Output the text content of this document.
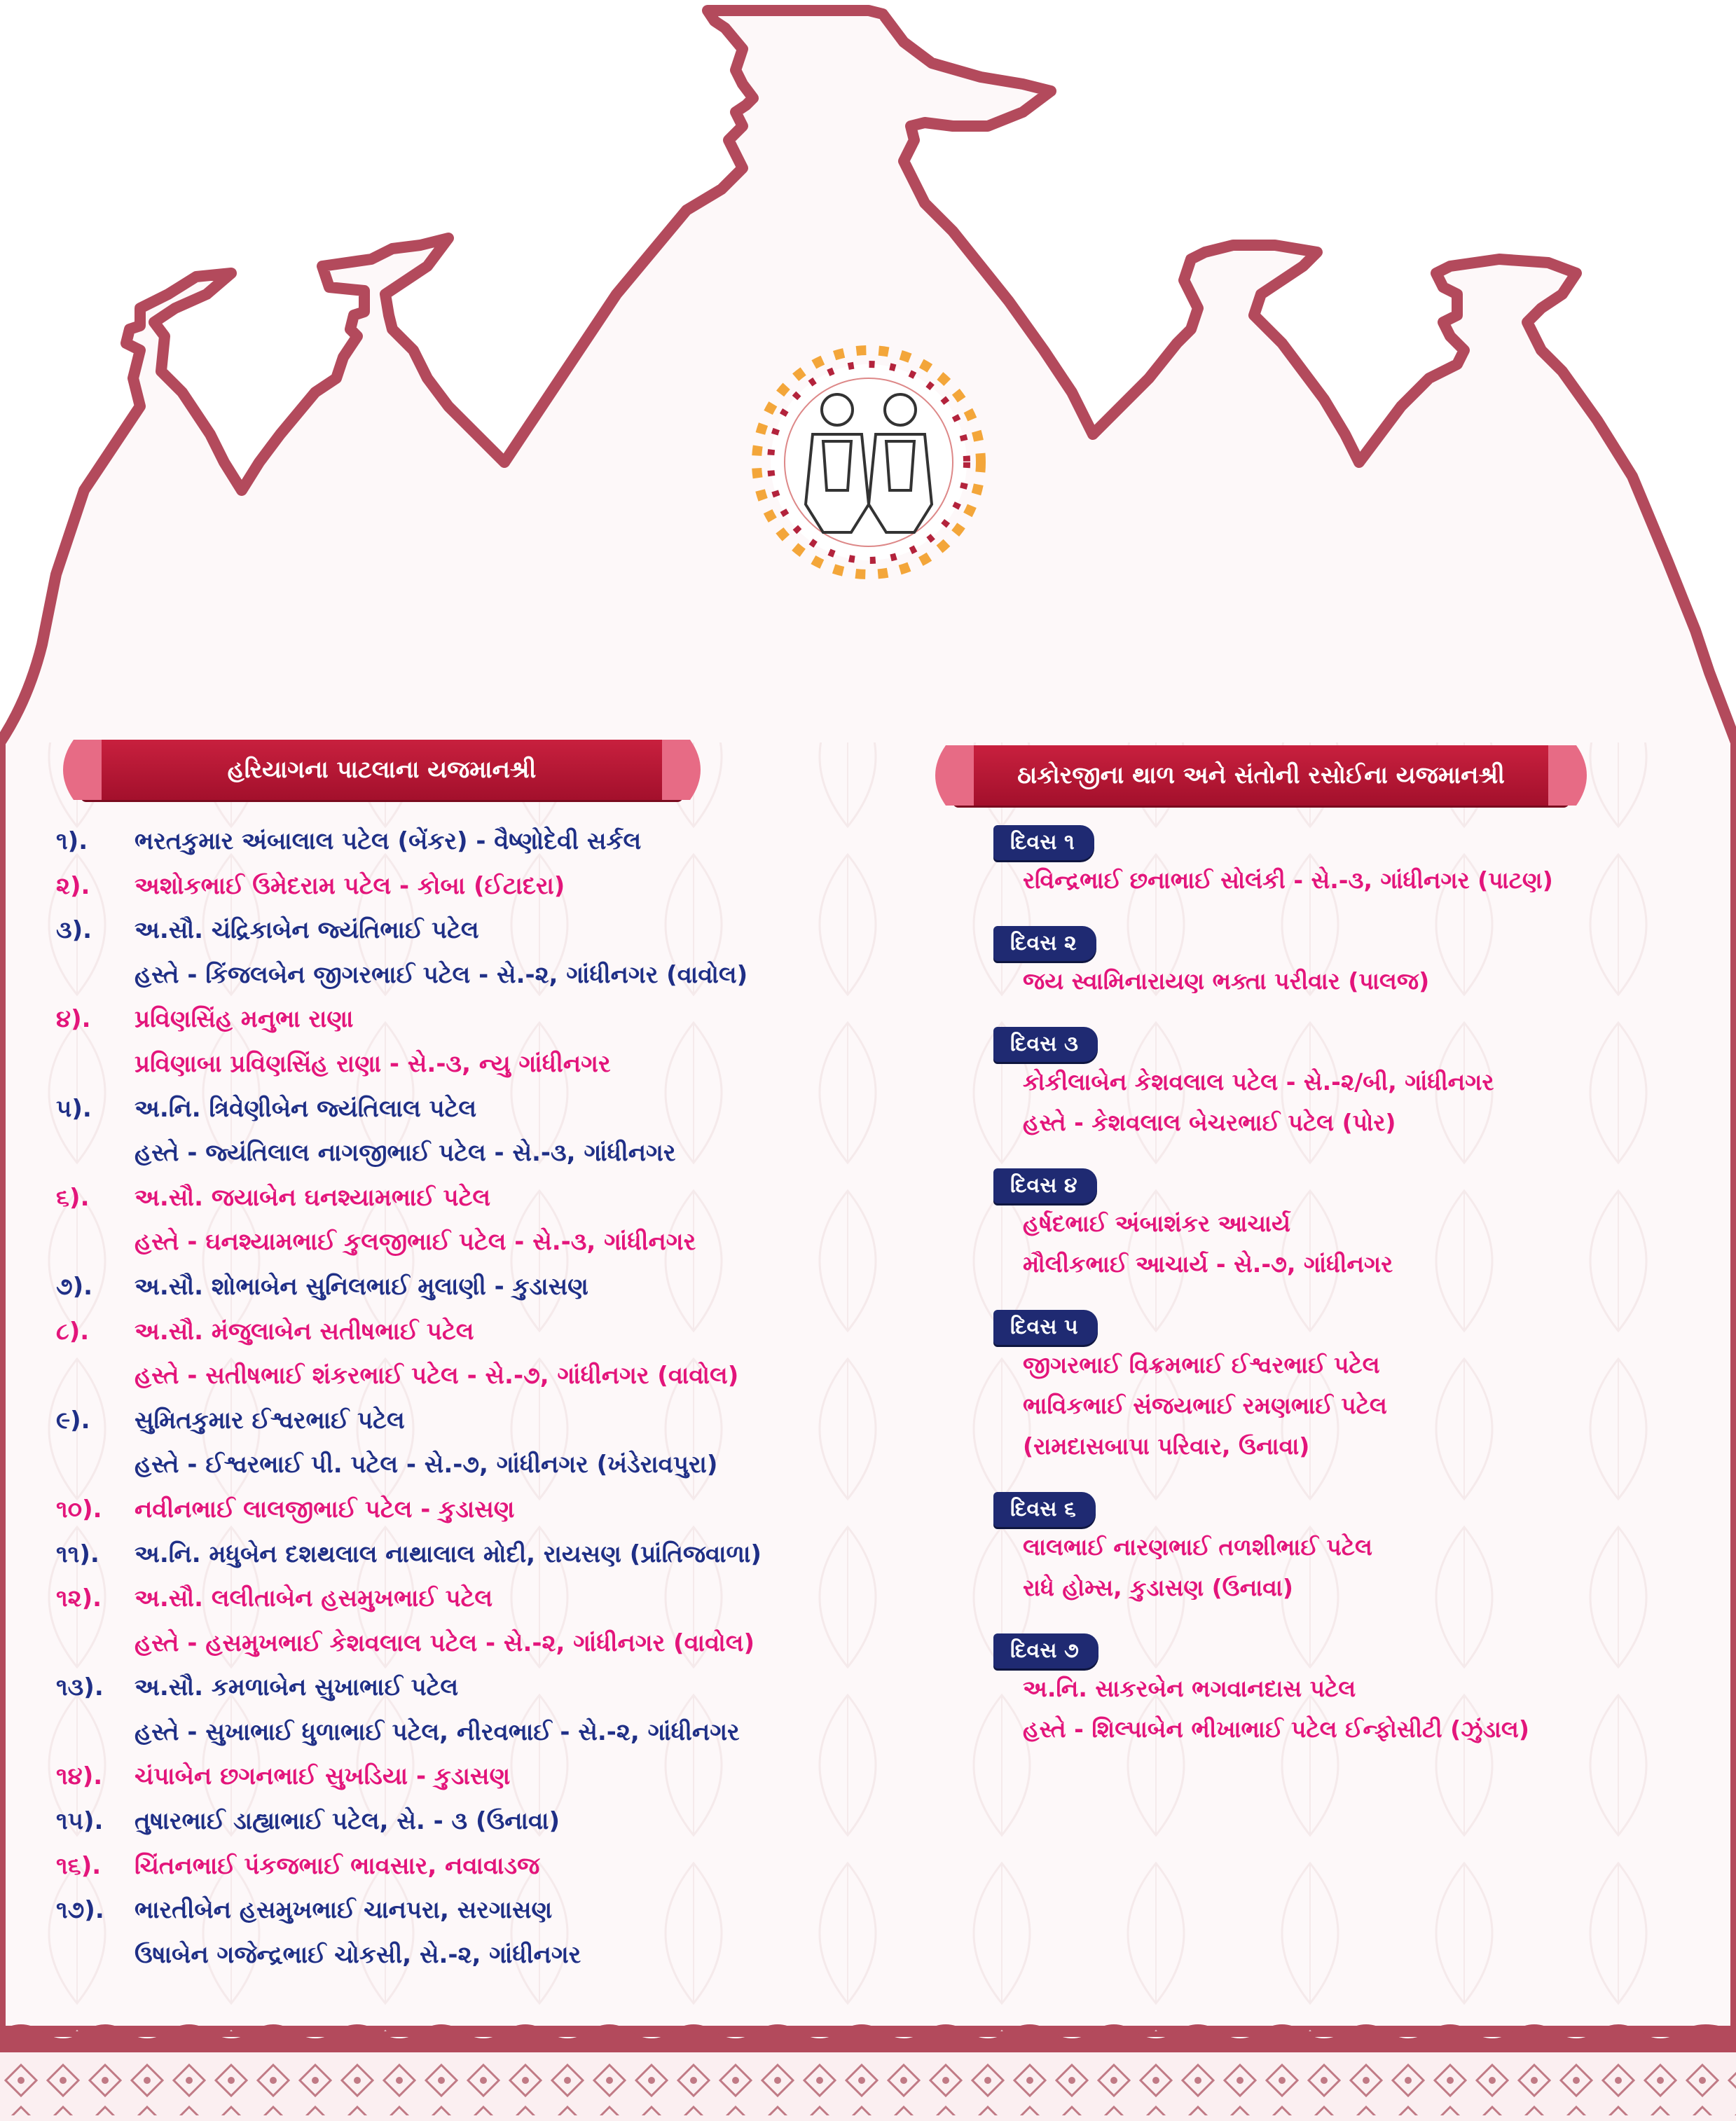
હરિયાગના પાટલાના યજમાનશ્રી	ઠાકોરજીના થાળ અને સંતોની રસોઈના યજમાનશ્રી
૧). ભરતકુમાર અંબાલાલ પટેલ (બેંકર) - વૈષ્ણોદેવી સર્કલ
૨). અશોકભાઈ ઉમેદરામ પટેલ - કોબા (ઈટાદરા)
૩). અ.સૌ. ચંદ્રિકાબેન જ્યંતિભાઈ પટેલ
હસ્તે - કિંજલબેન જીગરભાઈ પટેલ - સે.-૨, ગાંધીનગર (વાવોલ)
૪). પ્રવિણસિંહ મનુભા રાણા
પ્રવિણાબા પ્રવિણસિંહ રાણા - સે.-૩, ન્યુ ગાંધીનગર
૫). અ.નિ. ત્રિવેણીબેન જ્યંતિલાલ પટેલ
હસ્તે - જ્યંતિલાલ નાગજીભાઈ પટેલ - સે.-૩, ગાંધીનગર
૬). અ.સૌ. જયાબેન ઘનશ્યામભાઈ પટેલ
હસ્તે - ઘનશ્યામભાઈ કુલજીભાઈ પટેલ - સે.-૩, ગાંધીનગર
૭). અ.સૌ. શોભાબેન સુનિલભાઈ મુલાણી - કુડાસણ
૮). અ.સૌ. મંજુલાબેન સતીષભાઈ પટેલ
હસ્તે - સતીષભાઈ શંકરભાઈ પટેલ - સે.-૭, ગાંધીનગર (વાવોલ)
૯). સુમિતકુમાર ઈશ્વરભાઈ પટેલ
હસ્તે - ઈશ્વરભાઈ પી. પટેલ - સે.-૭, ગાંધીનગર (ખંડેરાવપુરા)
૧૦). નવીનભાઈ લાલજીભાઈ પટેલ - કુડાસણ
૧૧). અ.નિ. મધુબેન દશથલાલ નાથાલાલ મોદી, રાયસણ (પ્રાંતિજવાળા)
૧૨). અ.સૌ. લલીતાબેન હસમુખભાઈ પટેલ
હસ્તે - હસમુખભાઈ કેશવલાલ પટેલ - સે.-૨, ગાંધીનગર (વાવોલ)
૧૩). અ.સૌ. કમળાબેન સુખાભાઈ પટેલ
હસ્તે - સુખાભાઈ ધુળાભાઈ પટેલ, નીરવભાઈ - સે.-૨, ગાંધીનગર
૧૪). ચંપાબેન છગનભાઈ સુખડિયા - કુડાસણ
૧૫). તુષારભાઈ ડાહ્યાભાઈ પટેલ, સે. - ૩ (ઉનાવા)
૧૬). ચિંતનભાઈ પંકજભાઈ ભાવસાર, નવાવાડજ
૧૭). ભારતીબેન હસમુખભાઈ ચાનપરા, સરગાસણ
ઉષાબેન ગજેન્દ્રભાઈ ચોકસી, સે.-૨, ગાંધીનગર
દિવસ ૧
રવિન્દ્રભાઈ છનાભાઈ સોલંકી - સે.-૩, ગાંધીનગર (પાટણ)
દિવસ ૨
જય સ્વામિનારાયણ ભક્તા પરીવાર (પાલજ)
દિવસ ૩
કોકીલાબેન કેશવલાલ પટેલ - સે.-૨/બી, ગાંધીનગર
હસ્તે - કેશવલાલ બેચરભાઈ પટેલ (પોર)
દિવસ ૪
હર્ષદભાઈ અંબાશંકર આચાર્ય
મૌલીકભાઈ આચાર્ય - સે.-૭, ગાંધીનગર
દિવસ ૫
જીગરભાઈ વિક્રમભાઈ ઈશ્વરભાઈ પટેલ
ભાવિકભાઈ સંજયભાઈ રમણભાઈ પટેલ
(રામદાસબાપા પરિવાર, ઉનાવા)
દિવસ ૬
લાલભાઈ નારણભાઈ તળશીભાઈ પટેલ
રાધે હોમ્સ, કુડાસણ (ઉનાવા)
દિવસ ૭
અ.નિ. સાકરબેન ભગવાનદાસ પટેલ
હસ્તે - શિલ્પાબેન ભીખાભાઈ પટેલ ઈન્ફોસીટી (ઝુંડાલ)
